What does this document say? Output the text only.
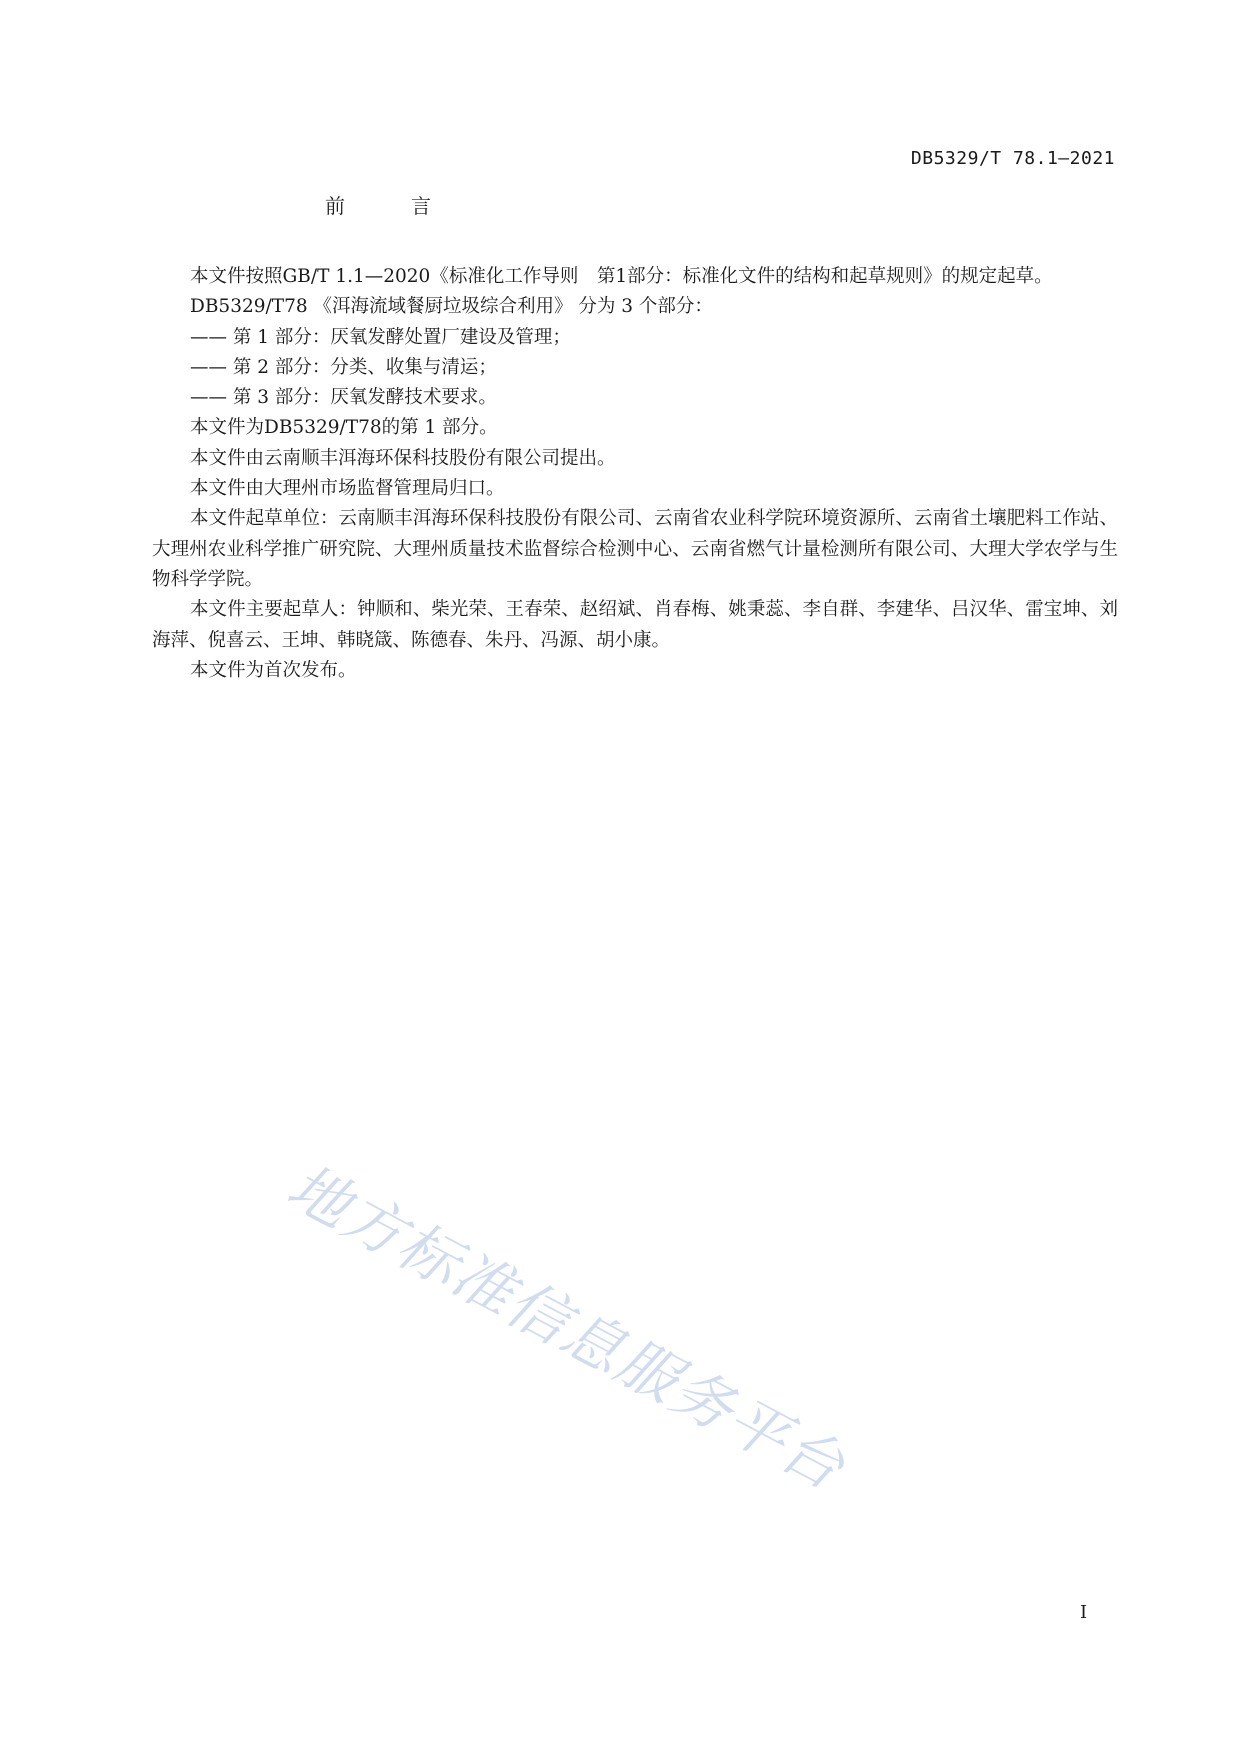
DB5329/T 78.1—2021
前言

本文件按照GB/T 1.1—2020《标准化工作导则　第1部分：标准化文件的结构和起草规则》的规定起草。

DB5329/T78 《洱海流域餐厨垃圾综合利用》 分为 3 个部分：

—— 第 1 部分：厌氧发酵处置厂建设及管理；

—— 第 2 部分：分类、收集与清运；

—— 第 3 部分：厌氧发酵技术要求。

本文件为DB5329/T78的第 1 部分。

本文件由云南顺丰洱海环保科技股份有限公司提出。

本文件由大理州市场监督管理局归口。

本文件起草单位：云南顺丰洱海环保科技股份有限公司、云南省农业科学院环境资源所、云南省土壤肥料工作站、大理州农业科学推广研究院、大理州质量技术监督综合检测中心、云南省燃气计量检测所有限公司、大理大学农学与生物科学学院。

本文件主要起草人：钟顺和、柴光荣、王春荣、赵绍斌、肖春梅、姚秉蕊、李自群、李建华、吕汉华、雷宝坤、刘海萍、倪喜云、王坤、韩晓箴、陈德春、朱丹、冯源、胡小康。

本文件为首次发布。

地方标准信息服务平台
I
